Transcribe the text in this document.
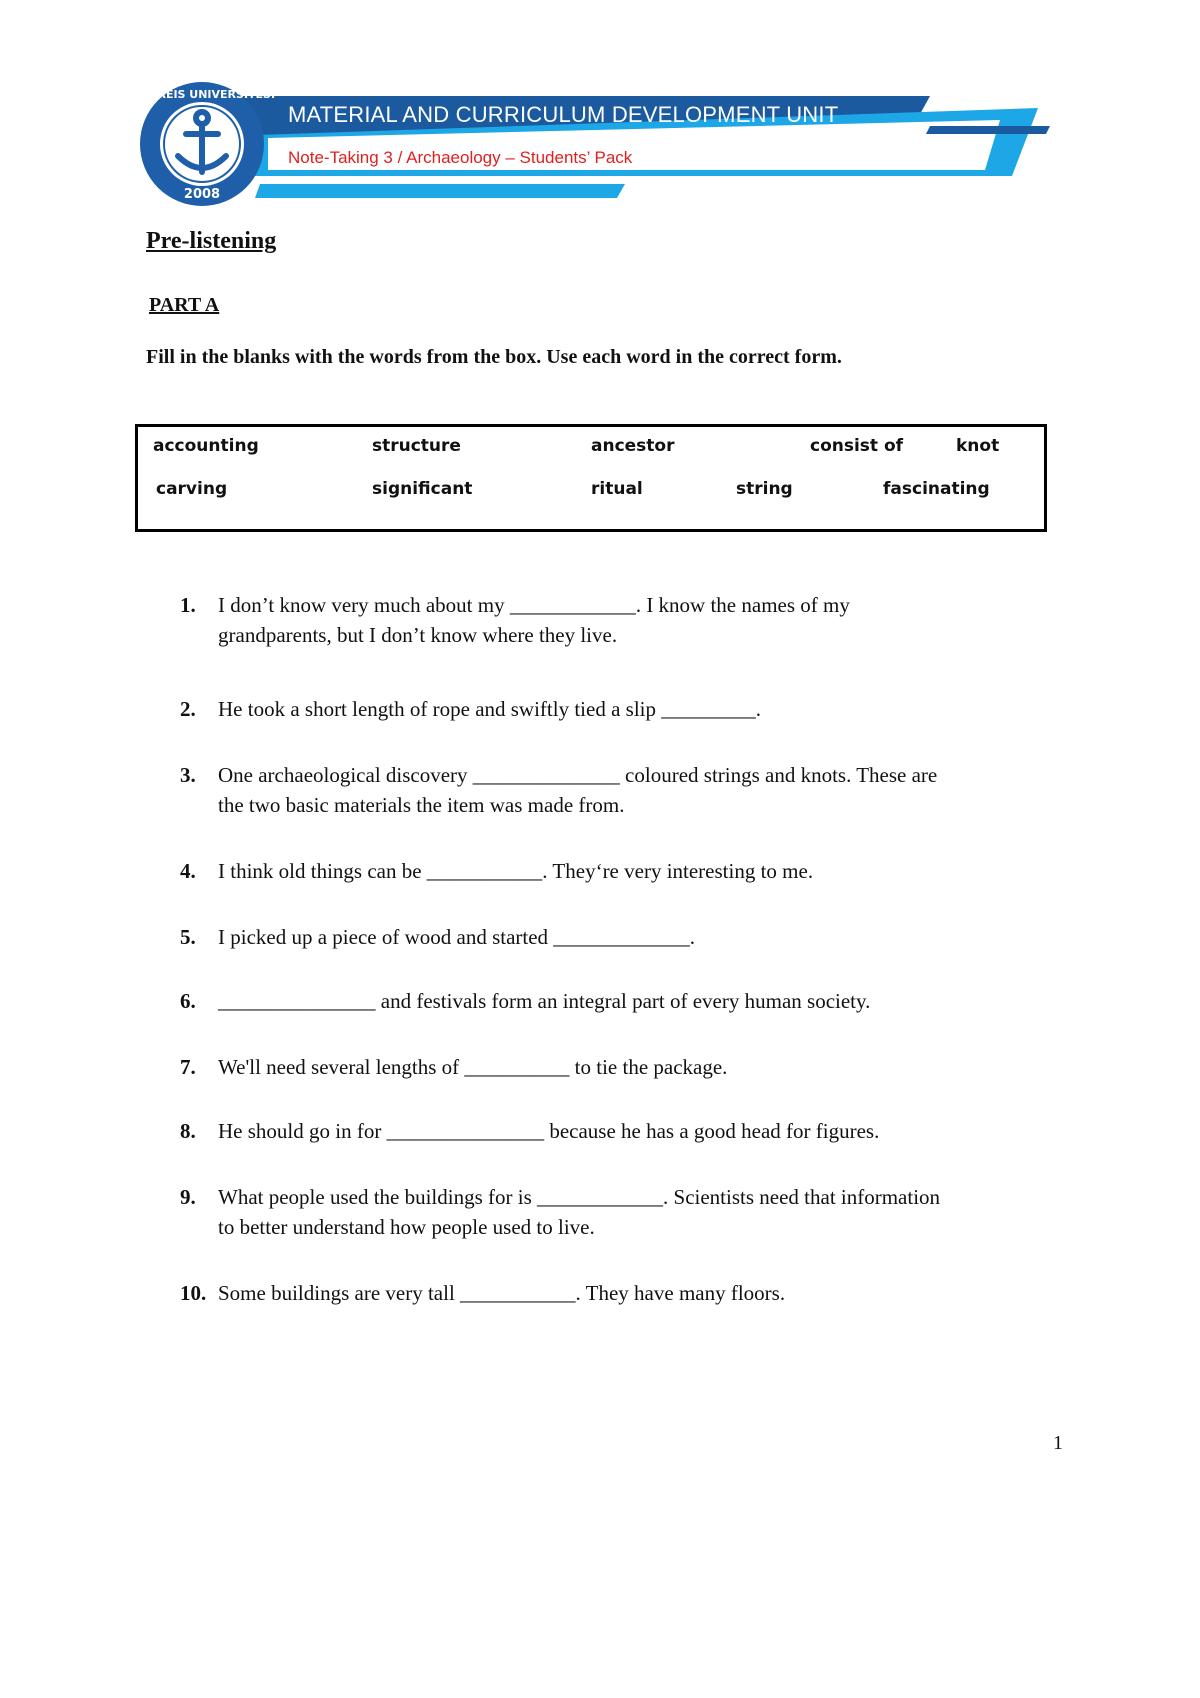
PIRI REIS UNIVERSITESI
2008
MATERIAL AND CURRICULUM DEVELOPMENT UNIT
Note-Taking 3 / Archaeology – Students’ Pack
Pre-listening
PART A
Fill in the blanks with the words from the box. Use each word in the correct form.
accounting	structure	ancestor	consist of	knot
carving	significant	ritual	string	fascinating
1. I don’t know very much about my ____________. I know the names of my
grandparents, but I don’t know where they live.
2. He took a short length of rope and swiftly tied a slip _________.
3. One archaeological discovery ______________ coloured strings and knots. These are
the two basic materials the item was made from.
4. I think old things can be ___________. They‘re very interesting to me.
5. I picked up a piece of wood and started _____________.
6. _______________ and festivals form an integral part of every human society.
7. We'll need several lengths of __________ to tie the package.
8. He should go in for _______________ because he has a good head for figures.
9. What people used the buildings for is ____________. Scientists need that information
to better understand how people used to live.
10. Some buildings are very tall ___________. They have many floors.
1
